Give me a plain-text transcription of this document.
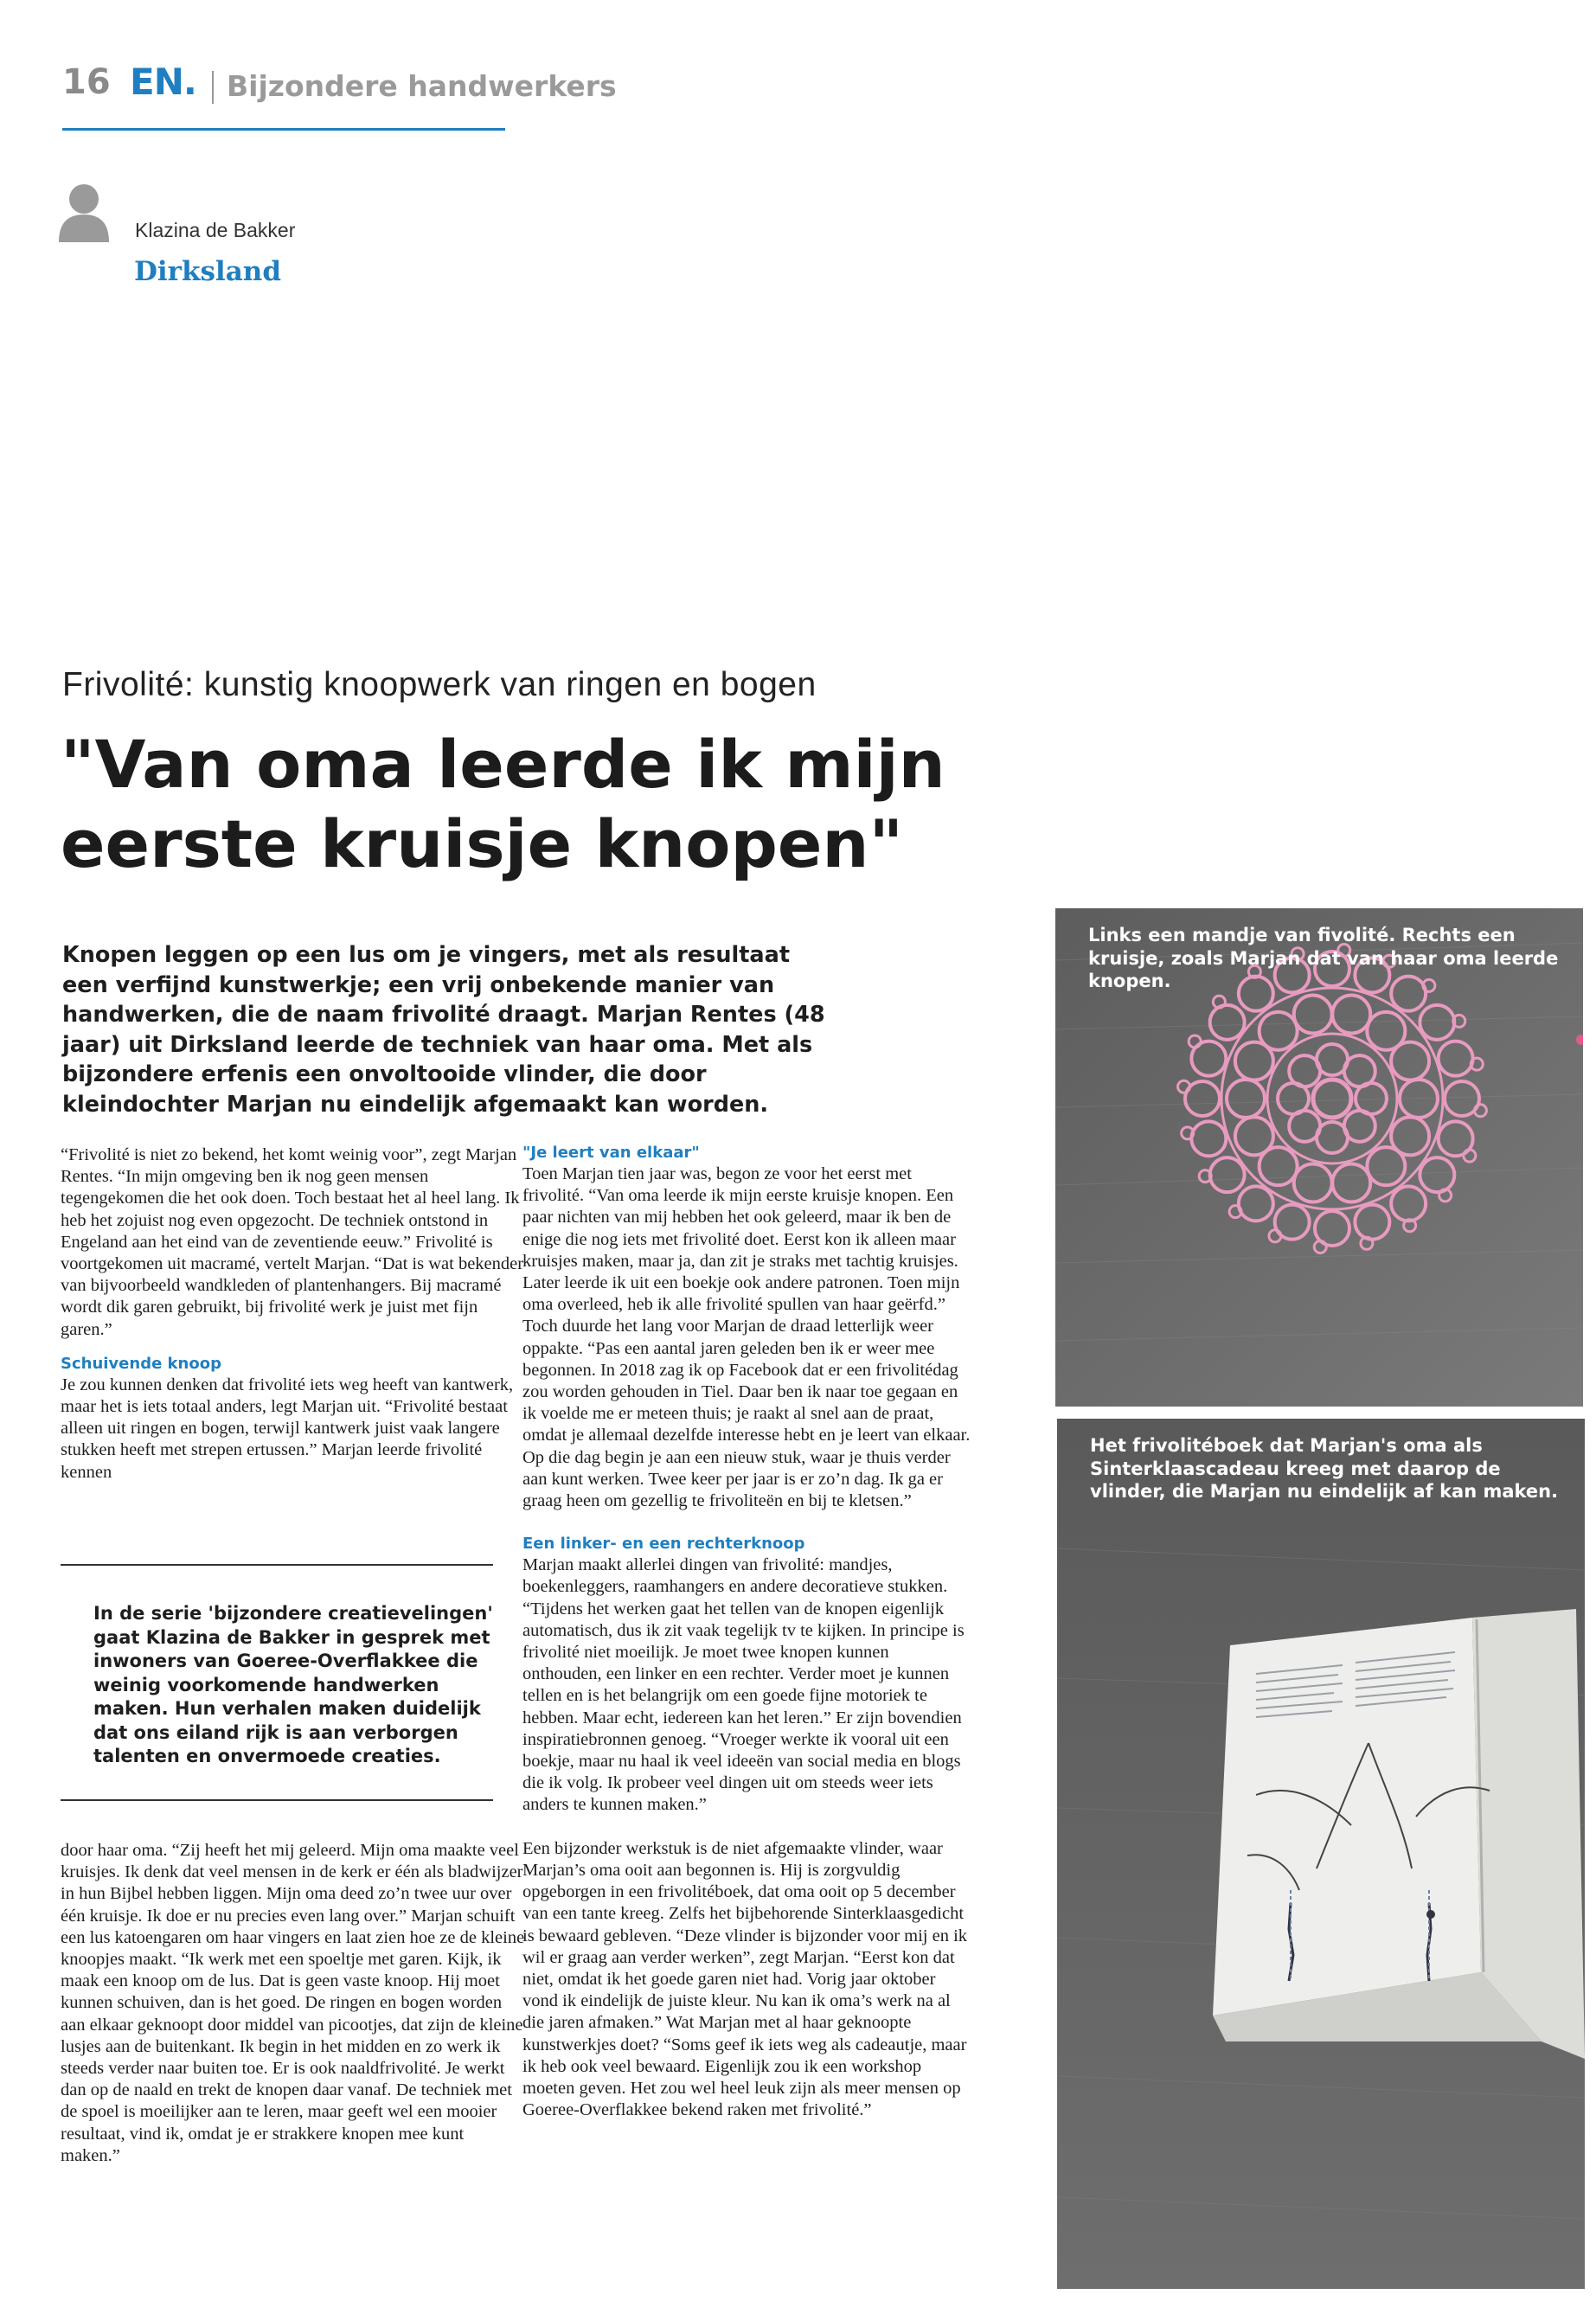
16 EN. Bijzondere handwerkers
Klazina de Bakker
Dirksland
Frivolité: kunstig knoopwerk van ringen en bogen
"Van oma leerde ik mijn
eerste kruisje knopen"
Knopen leggen op een lus om je vingers, met als resultaat een verfijnd kunstwerkje; een vrij onbekende manier van handwerken, die de naam frivolité draagt. Marjan Rentes (48 jaar) uit Dirksland leerde de techniek van haar oma. Met als bijzondere erfenis een onvoltooide vlinder, die door kleindochter Marjan nu eindelijk afgemaakt kan worden.

“Frivolité is niet zo bekend, het komt weinig voor”, zegt Marjan Rentes. “In mijn omgeving ben ik nog geen mensen tegengekomen die het ook doen. Toch bestaat het al heel lang. Ik heb het zojuist nog even opgezocht. De techniek ontstond in Engeland aan het eind van de zeventiende eeuw.” Frivolité is voortgekomen uit macramé, vertelt Marjan. “Dat is wat bekender van bijvoorbeeld wandkleden of plantenhangers. Bij macramé wordt dik garen gebruikt, bij frivolité werk je juist met fijn garen.”

Schuivende knoop

Je zou kunnen denken dat frivolité iets weg heeft van kantwerk, maar het is iets totaal anders, legt Marjan uit. “Frivolité bestaat alleen uit ringen en bogen, terwijl kantwerk juist vaak langere stukken heeft met strepen ertussen.” Marjan leerde frivolité kennen

In de serie 'bijzondere creatievelingen' gaat Klazina de Bakker in gesprek met inwoners van Goeree-Overflakkee die weinig voorkomende handwerken maken. Hun verhalen maken duidelijk dat ons eiland rijk is aan verborgen talenten en onvermoede creaties.

door haar oma. “Zij heeft het mij geleerd. Mijn oma maakte veel kruisjes. Ik denk dat veel mensen in de kerk er één als bladwijzer in hun Bijbel hebben liggen. Mijn oma deed zo’n twee uur over één kruisje. Ik doe er nu precies even lang over.” Marjan schuift een lus katoengaren om haar vingers en laat zien hoe ze de kleine knoopjes maakt. “Ik werk met een spoeltje met garen. Kijk, ik maak een knoop om de lus. Dat is geen vaste knoop. Hij moet kunnen schuiven, dan is het goed. De ringen en bogen worden aan elkaar geknoopt door middel van picootjes, dat zijn de kleine lusjes aan de buitenkant. Ik begin in het midden en zo werk ik steeds verder naar buiten toe. Er is ook naaldfrivolité. Je werkt dan op de naald en trekt de knopen daar vanaf. De techniek met de spoel is moeilijker aan te leren, maar geeft wel een mooier resultaat, vind ik, omdat je er strakkere knopen mee kunt maken.”

"Je leert van elkaar"

Toen Marjan tien jaar was, begon ze voor het eerst met frivolité. “Van oma leerde ik mijn eerste kruisje knopen. Een paar nichten van mij hebben het ook geleerd, maar ik ben de enige die nog iets met frivolité doet. Eerst kon ik alleen maar kruisjes maken, maar ja, dan zit je straks met tachtig kruisjes. Later leerde ik uit een boekje ook andere patronen. Toen mijn oma overleed, heb ik alle frivolité spullen van haar geërfd.” Toch duurde het lang voor Marjan de draad letterlijk weer oppakte. “Pas een aantal jaren geleden ben ik er weer mee begonnen. In 2018 zag ik op Facebook dat er een frivolitédag zou worden gehouden in Tiel. Daar ben ik naar toe gegaan en ik voelde me er meteen thuis; je raakt al snel aan de praat, omdat je allemaal dezelfde interesse hebt en je leert van elkaar. Op die dag begin je aan een nieuw stuk, waar je thuis verder aan kunt werken. Twee keer per jaar is er zo’n dag. Ik ga er graag heen om gezellig te frivoliteën en bij te kletsen.”

Een linker- en een rechterknoop

Marjan maakt allerlei dingen van frivolité: mandjes, boekenleggers, raamhangers en andere decoratieve stukken. “Tijdens het werken gaat het tellen van de knopen eigenlijk automatisch, dus ik zit vaak tegelijk tv te kijken. In principe is frivolité niet moeilijk. Je moet twee knopen kunnen onthouden, een linker en een rechter. Verder moet je kunnen tellen en is het belangrijk om een goede fijne motoriek te hebben. Maar echt, iedereen kan het leren.” Er zijn bovendien inspiratiebronnen genoeg. “Vroeger werkte ik vooral uit een boekje, maar nu haal ik veel ideeën van social media en blogs die ik volg. Ik probeer veel dingen uit om steeds weer iets anders te kunnen maken.”

Een bijzonder werkstuk is de niet afgemaakte vlinder, waar Marjan’s oma ooit aan begonnen is. Hij is zorgvuldig opgeborgen in een frivolitéboek, dat oma ooit op 5 december van een tante kreeg. Zelfs het bijbehorende Sinterklaasgedicht is bewaard gebleven. “Deze vlinder is bijzonder voor mij en ik wil er graag aan verder werken”, zegt Marjan. “Eerst kon dat niet, omdat ik het goede garen niet had. Vorig jaar oktober vond ik eindelijk de juiste kleur. Nu kan ik oma’s werk na al die jaren afmaken.” Wat Marjan met al haar geknoopte kunstwerkjes doet? “Soms geef ik iets weg als cadeautje, maar ik heb ook veel bewaard. Eigenlijk zou ik een workshop moeten geven. Het zou wel heel leuk zijn als meer mensen op Goeree-Overflakkee bekend raken met frivolité.”

Links een mandje van fivolité. Rechts een kruisje, zoals Marjan dat van haar oma leerde knopen.
Het frivolitéboek dat Marjan's oma als Sinterklaascadeau kreeg met daarop de vlinder, die Marjan nu eindelijk af kan maken.
